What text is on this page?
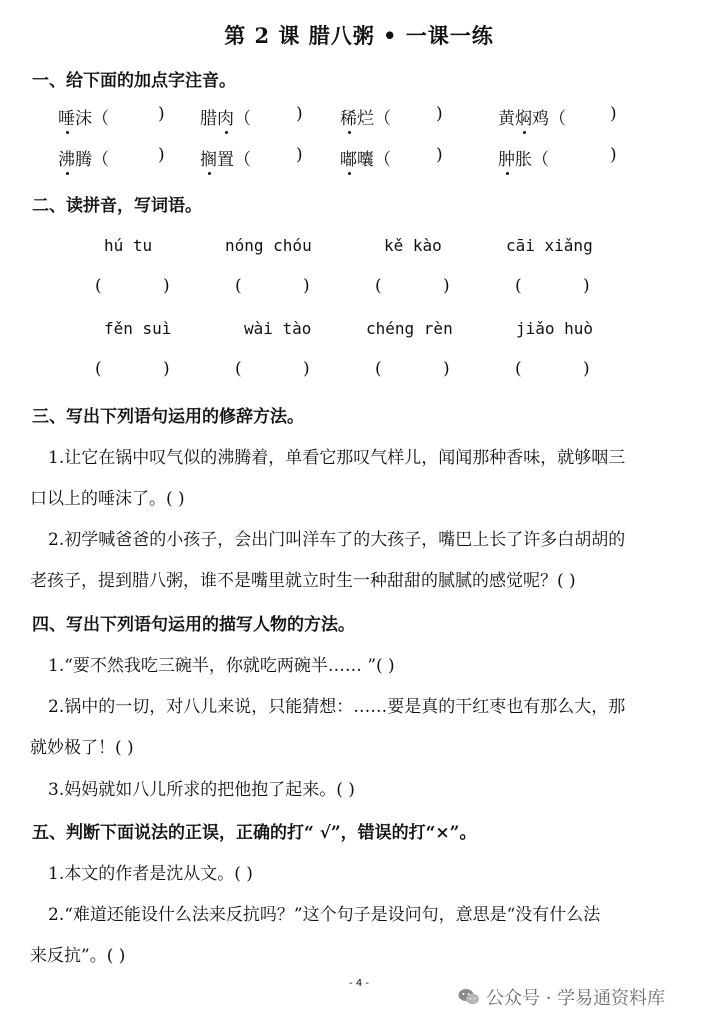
第 2 课 腊八粥 • 一课一练
一、给下面的加点字注音。
唾沫（	) 腊肉（	) 稀烂（	)	黄焖鸡（	)
沸腾（	) 搁置（	) 嘟囔（	)	肿胀（	)
二、读拼音，写词语。
hú tu	nóng chóu	kě kào	cāi xiǎng
(	)	(	)	(	)	(	)
fěn suì	wài tào	chéng rèn	jiǎo huò
(	)	(	)	(	)	(	)
三、写出下列语句运用的修辞方法。
1.让它在锅中叹气似的沸腾着，单看它那叹气样儿，闻闻那种香味，就够咽三
口以上的唾沫了。( )
2.初学喊爸爸的小孩子，会出门叫洋车了的大孩子，嘴巴上长了许多白胡胡的
老孩子，提到腊八粥，谁不是嘴里就立时生一种甜甜的腻腻的感觉呢？( )
四、写出下列语句运用的描写人物的方法。
1.“要不然我吃三碗半，你就吃两碗半…… ”( )
2.锅中的一切，对八儿来说，只能猜想：……要是真的干红枣也有那么大，那
就妙极了！( )
3.妈妈就如八儿所求的把他抱了起来。( )
五、判断下面说法的正误，正确的打“ √”，错误的打“×”。
1.本文的作者是沈从文。( )
2.“难道还能设什么法来反抗吗？”这个句子是设问句，意思是“没有什么法
来反抗”。( )
- 4 -
公众号 · 学易通资料库
